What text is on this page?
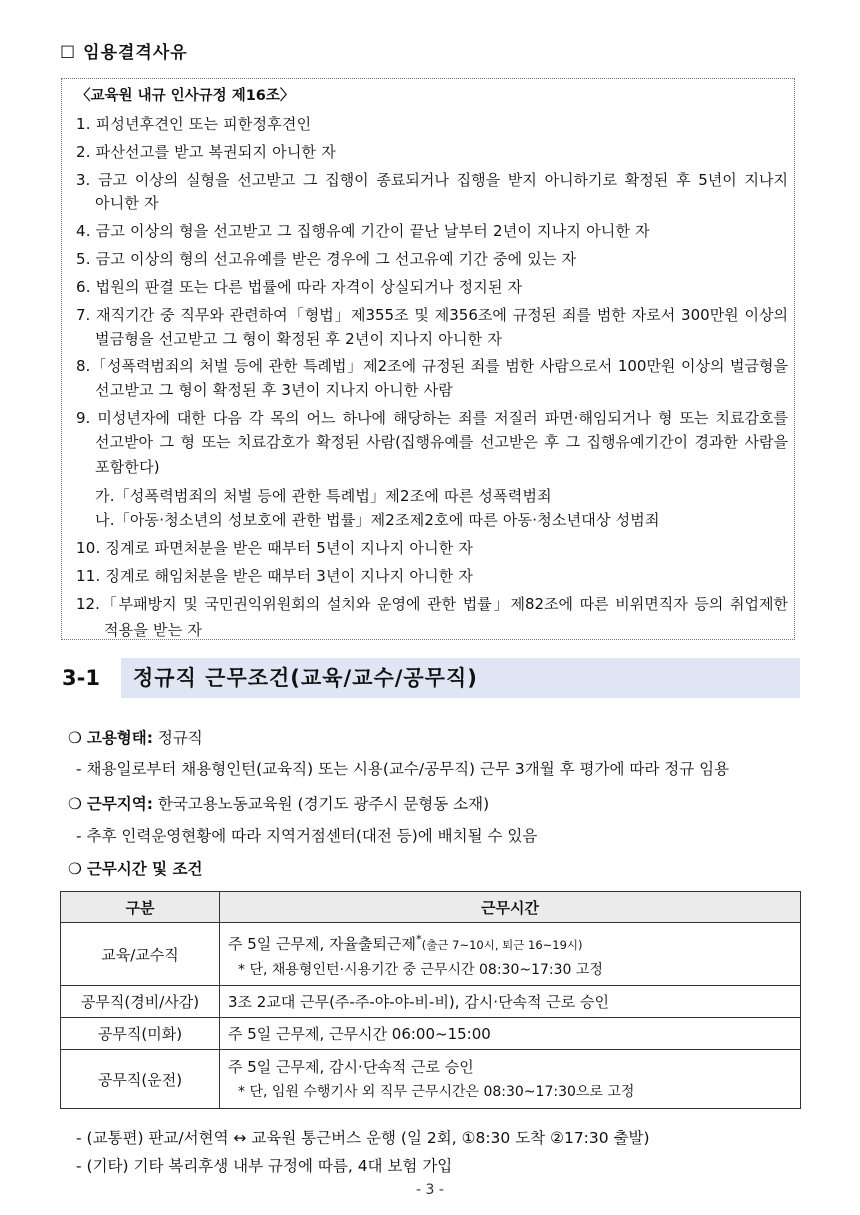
☐ 임용결격사유
〈교육원 내규 인사규정 제16조〉
1. 피성년후견인 또는 피한정후견인
2. 파산선고를 받고 복권되지 아니한 자
3. 금고 이상의 실형을 선고받고 그 집행이 종료되거나 집행을 받지 아니하기로 확정된 후 5년이 지나지
아니한 자
4. 금고 이상의 형을 선고받고 그 집행유예 기간이 끝난 날부터 2년이 지나지 아니한 자
5. 금고 이상의 형의 선고유예를 받은 경우에 그 선고유예 기간 중에 있는 자
6. 법원의 판결 또는 다른 법률에 따라 자격이 상실되거나 정지된 자
7. 재직기간 중 직무와 관련하여「형법」제355조 및 제356조에 규정된 죄를 범한 자로서 300만원 이상의
벌금형을 선고받고 그 형이 확정된 후 2년이 지나지 아니한 자
8.「성폭력범죄의 처벌 등에 관한 특례법」제2조에 규정된 죄를 범한 사람으로서 100만원 이상의 벌금형을
선고받고 그 형이 확정된 후 3년이 지나지 아니한 사람
9. 미성년자에 대한 다음 각 목의 어느 하나에 해당하는 죄를 저질러 파면·해임되거나 형 또는 치료감호를
선고받아 그 형 또는 치료감호가 확정된 사람(집행유예를 선고받은 후 그 집행유예기간이 경과한 사람을
포함한다)
가.「성폭력범죄의 처벌 등에 관한 특례법」제2조에 따른 성폭력범죄
나.「아동·청소년의 성보호에 관한 법률」제2조제2호에 따른 아동·청소년대상 성범죄
10. 징계로 파면처분을 받은 때부터 5년이 지나지 아니한 자
11. 징계로 해임처분을 받은 때부터 3년이 지나지 아니한 자
12.「부패방지 및 국민권익위원회의 설치와 운영에 관한 법률」제82조에 따른 비위면직자 등의 취업제한
적용을 받는 자
3-1	정규직 근무조건(교육/교수/공무직)
❍ 고용형태: 정규직
- 채용일로부터 채용형인턴(교육직) 또는 시용(교수/공무직) 근무 3개월 후 평가에 따라 정규 임용
❍ 근무지역: 한국고용노동교육원 (경기도 광주시 문형동 소재)
- 추후 인력운영현황에 따라 지역거점센터(대전 등)에 배치될 수 있음
❍ 근무시간 및 조건
구분	근무시간
교육/교수직	주 5일 근무제, 자율출퇴근제*(출근 7~10시, 퇴근 16~19시)
* 단, 채용형인턴·시용기간 중 근무시간 08:30~17:30 고정

공무직(경비/사감)	3조 2교대 근무(주-주-야-야-비-비), 감시·단속적 근로 승인
공무직(미화)	주 5일 근무제, 근무시간 06:00~15:00
공무직(운전)	주 5일 근무제, 감시·단속적 근로 승인
* 단, 임원 수행기사 외 직무 근무시간은 08:30~17:30으로 고정
- (교통편) 판교/서현역 ↔ 교육원 통근버스 운행 (일 2회, ①8:30 도착 ②17:30 출발)
- (기타) 기타 복리후생 내부 규정에 따름, 4대 보험 가입
- 3 -
